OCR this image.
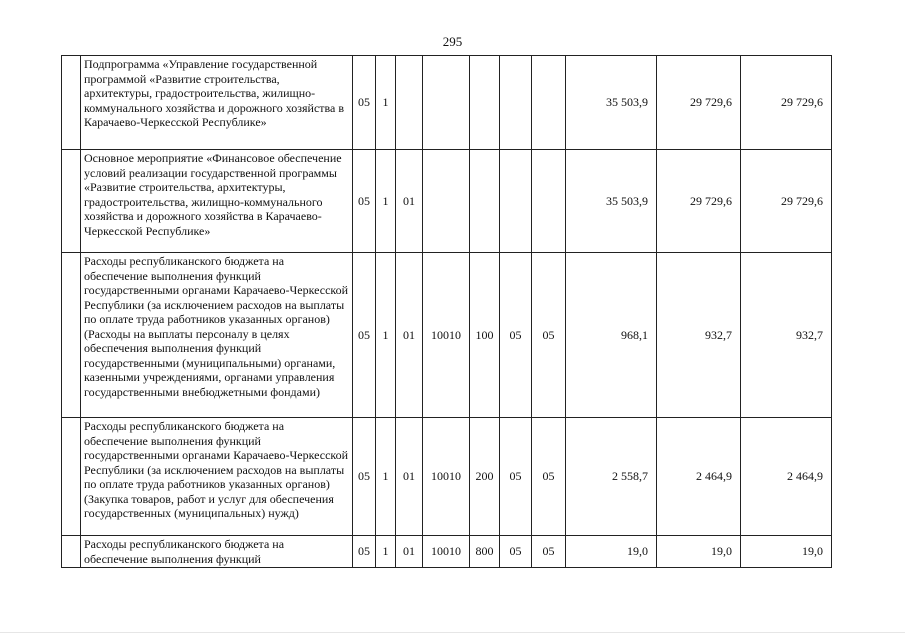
295
	Подпрограмма «Управление государственной программой «Развитие строительства, архитектуры, градостроительства, жилищно-коммунального хозяйства и дорожного хозяйства в Карачаево-Черкесской Республике»	05	1						35 503,9	29 729,6	29 729,6
	Основное мероприятие «Финансовое обеспечение условий реализации государственной программы «Развитие строительства, архитектуры, градостроительства, жилищно-коммунального хозяйства и дорожного хозяйства в Карачаево-Черкесской Республике»	05	1	01					35 503,9	29 729,6	29 729,6
	Расходы республиканского бюджета на обеспечение выполнения функций государственными органами Карачаево-Черкесской Республики (за исключением расходов на выплаты по оплате труда работников указанных органов) (Расходы на выплаты персоналу в целях обеспечения выполнения функций государственными (муниципальными) органами, казенными учреждениями, органами управления государственными внебюджетными фондами)	05	1	01	10010	100	05	05	968,1	932,7	932,7
	Расходы республиканского бюджета на обеспечение выполнения функций государственными органами Карачаево-Черкесской Республики (за исключением расходов на выплаты по оплате труда работников указанных органов) (Закупка товаров, работ и услуг для обеспечения государственных (муниципальных) нужд)	05	1	01	10010	200	05	05	2 558,7	2 464,9	2 464,9
	Расходы республиканского бюджета на обеспечение выполнения функций	05	1	01	10010	800	05	05	19,0	19,0	19,0
